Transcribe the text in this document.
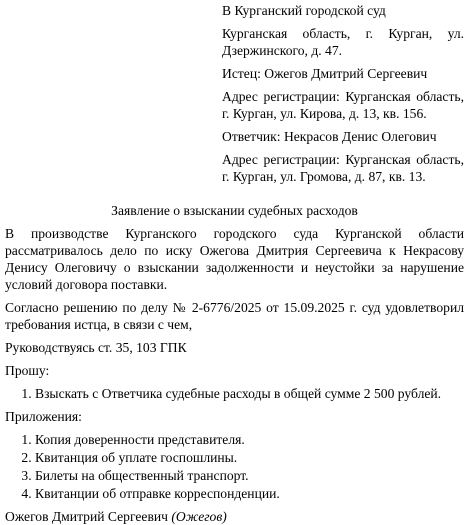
В Курганский городской суд

Курганская область, г. Курган, ул. Дзержинского, д. 47.

Истец: Ожегов Дмитрий Сергеевич

Адрес регистрации: Курганская область, г. Курган, ул. Кирова, д. 13, кв. 156.

Ответчик: Некрасов Денис Олегович

Адрес регистрации: Курганская область, г. Курган, ул. Громова, д. 87, кв. 13.

Заявление о взыскании судебных расходов

В производстве Курганского городского суда Курганской области рассматривалось дело по иску Ожегова Дмитрия Сергеевича к Некрасову Денису Олеговичу о взыскании задолженности и неустойки за нарушение условий договора поставки.

Согласно решению по делу № 2-6776/2025 от 15.09.2025 г. суд удовлетворил требования истца, в связи с чем,

Руководствуясь ст. 35, 103 ГПК

Прошу:

1. Взыскать с Ответчика судебные расходы в общей сумме 2 500 рублей.

Приложения:

1. Копия доверенности представителя.
2. Квитанция об уплате госпошлины.
3. Билеты на общественный транспорт.
4. Квитанции об отправке корреспонденции.

Ожегов Дмитрий Сергеевич (Ожегов)
